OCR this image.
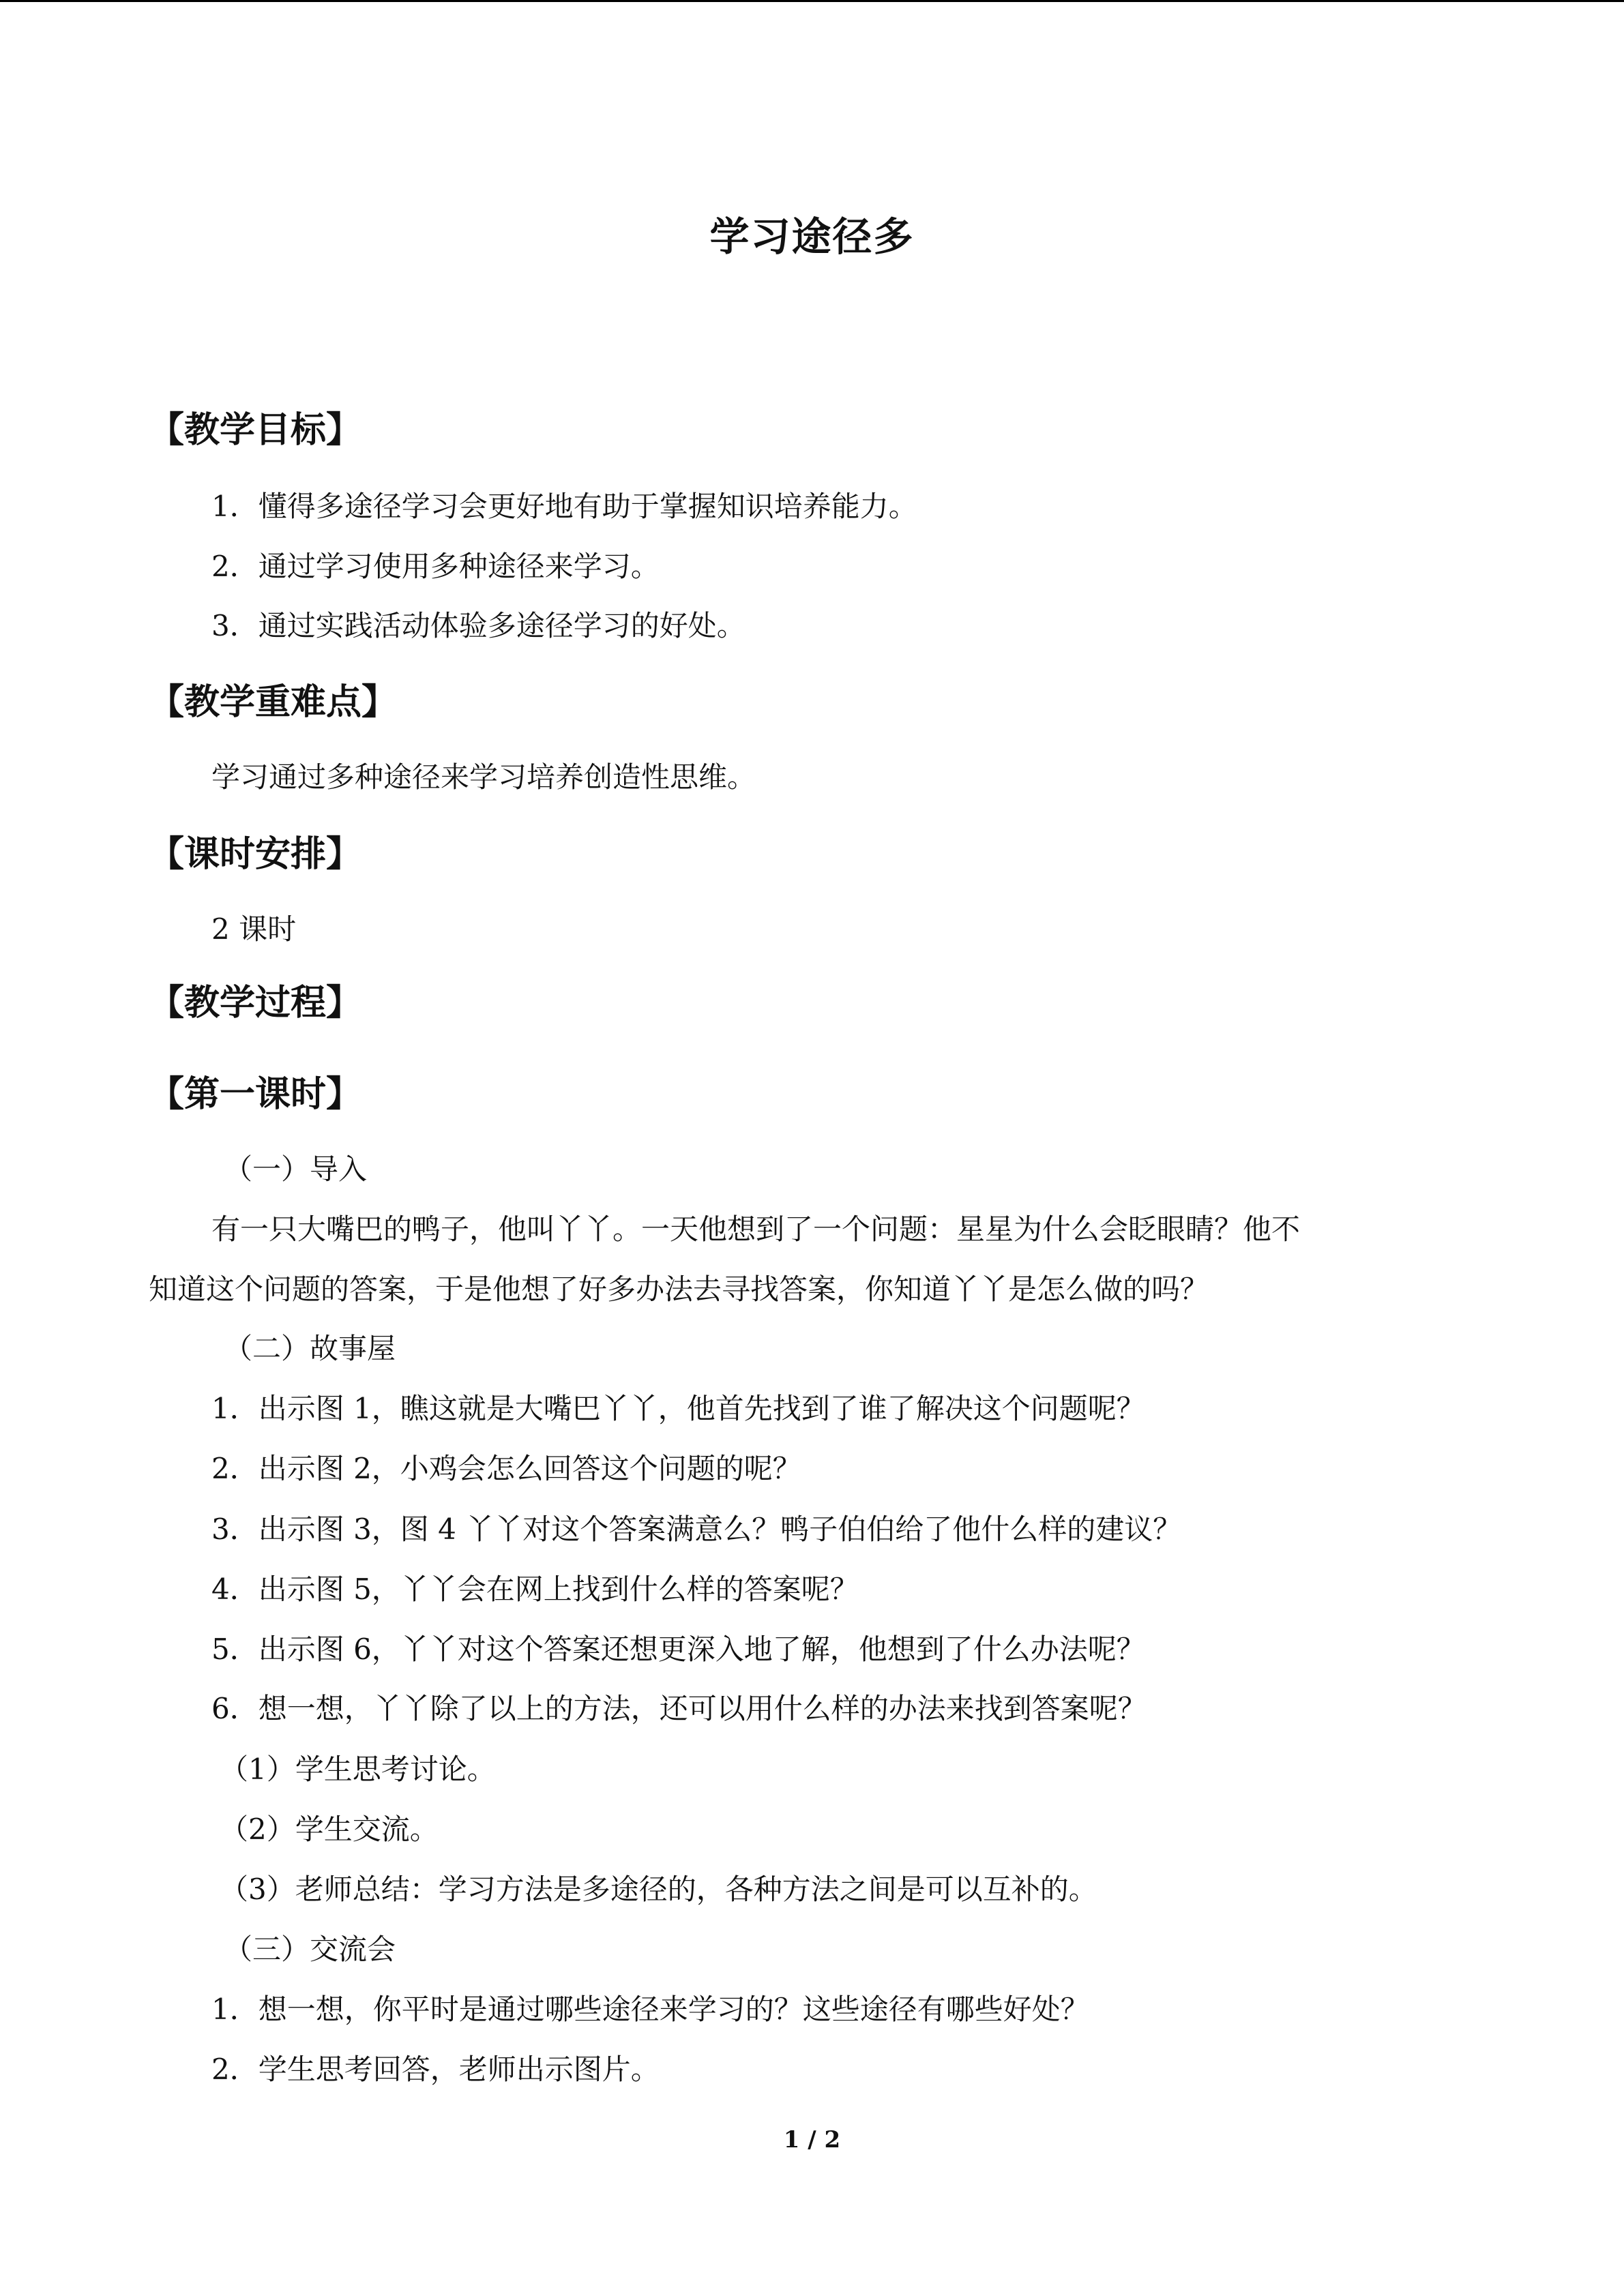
学习途径多
【教学目标】
1．懂得多途径学习会更好地有助于掌握知识培养能力。
2．通过学习使用多种途径来学习。
3．通过实践活动体验多途径学习的好处。
【教学重难点】
学习通过多种途径来学习培养创造性思维。
【课时安排】
2 课时
【教学过程】
【第一课时】
（一）导入
有一只大嘴巴的鸭子，他叫丫丫。一天他想到了一个问题：星星为什么会眨眼睛？他不
知道这个问题的答案，于是他想了好多办法去寻找答案，你知道丫丫是怎么做的吗？
（二）故事屋
1．出示图 1，瞧这就是大嘴巴丫丫，他首先找到了谁了解决这个问题呢？
2．出示图 2，小鸡会怎么回答这个问题的呢？
3．出示图 3，图 4 丫丫对这个答案满意么？鸭子伯伯给了他什么样的建议？
4．出示图 5，丫丫会在网上找到什么样的答案呢？
5．出示图 6，丫丫对这个答案还想更深入地了解，他想到了什么办法呢？
6．想一想，丫丫除了以上的方法，还可以用什么样的办法来找到答案呢？
（1）学生思考讨论。
（2）学生交流。
（3）老师总结：学习方法是多途径的，各种方法之间是可以互补的。
（三）交流会
1．想一想，你平时是通过哪些途径来学习的？这些途径有哪些好处？
2．学生思考回答，老师出示图片。
1 / 2
